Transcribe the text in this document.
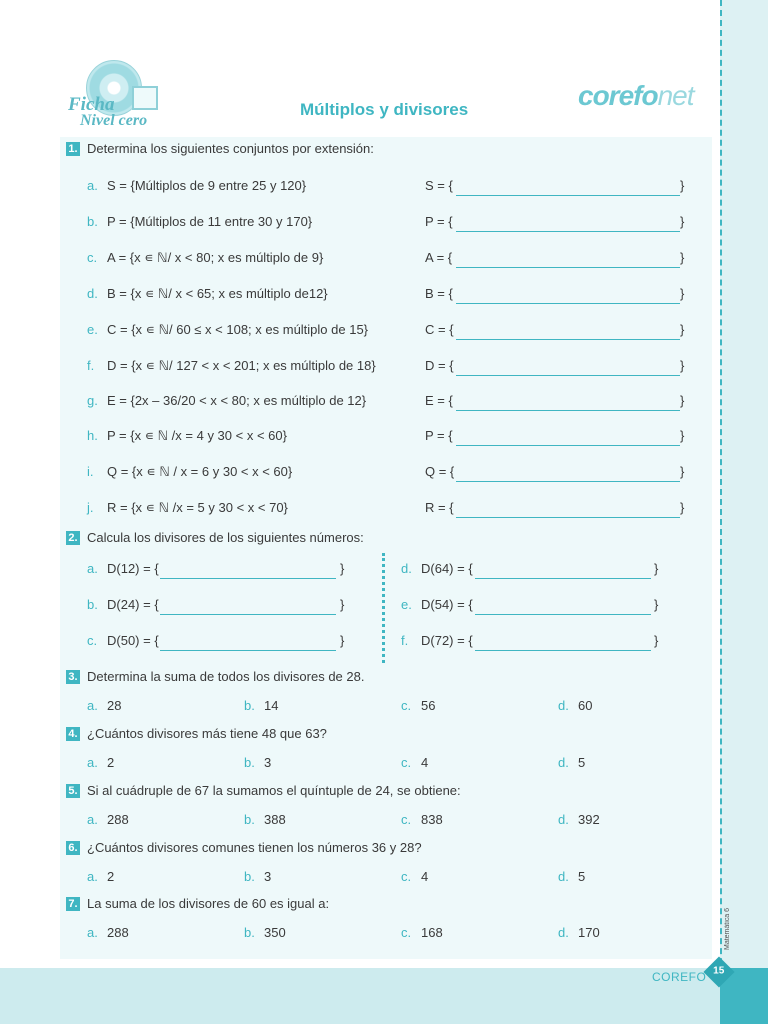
Matemática 6
COREFO 15
Ficha
Nivel cero
Múltiplos y divisores	corefonet
1. Determina los siguientes conjuntos por extensión:
a. S = {Múltiplos de 9 entre 25 y 120}	S = {	}
b. P = {Múltiplos de 11 entre 30 y 170}	P = {	}
c. A = {x ∊ ℕ/ x < 80; x es múltiplo de 9}	A = {	}
d. B = {x ∊ ℕ/ x < 65; x es múltiplo de12}	B = {	}
e. C = {x ∊ ℕ/ 60 ≤ x < 108; x es múltiplo de 15}	C = {	}
f. D = {x ∊ ℕ/ 127 < x < 201; x es múltiplo de 18}	D = {	}
g. E = {2x – 36/20 < x < 80; x es múltiplo de 12}	E = {	}
h. P = {x ∊ ℕ /x = 4 y 30 < x < 60}	P = {	}
i. Q = {x ∊ ℕ / x = 6 y 30 < x < 60}	Q = {	}
j. R = {x ∊ ℕ /x = 5 y 30 < x < 70}	R = {	}
2. Calcula los divisores de los siguientes números:
a. D(12) = {	}
b. D(24) = {	}
c. D(50) = {	}
d. D(64) = {	}
e. D(54) = {	}
f. D(72) = {	}
3. Determina la suma de todos los divisores de 28.
a. 28	b. 14	c. 56	d. 60
4. ¿Cuántos divisores más tiene 48 que 63?
a. 2	b. 3	c. 4	d. 5
5. Si al cuádruple de 67 la sumamos el quíntuple de 24, se obtiene:
a. 288	b. 388	c. 838	d. 392
6. ¿Cuántos divisores comunes tienen los números 36 y 28?
a. 2	b. 3	c. 4	d. 5
7. La suma de los divisores de 60 es igual a:
a. 288	b. 350	c. 168	d. 170
